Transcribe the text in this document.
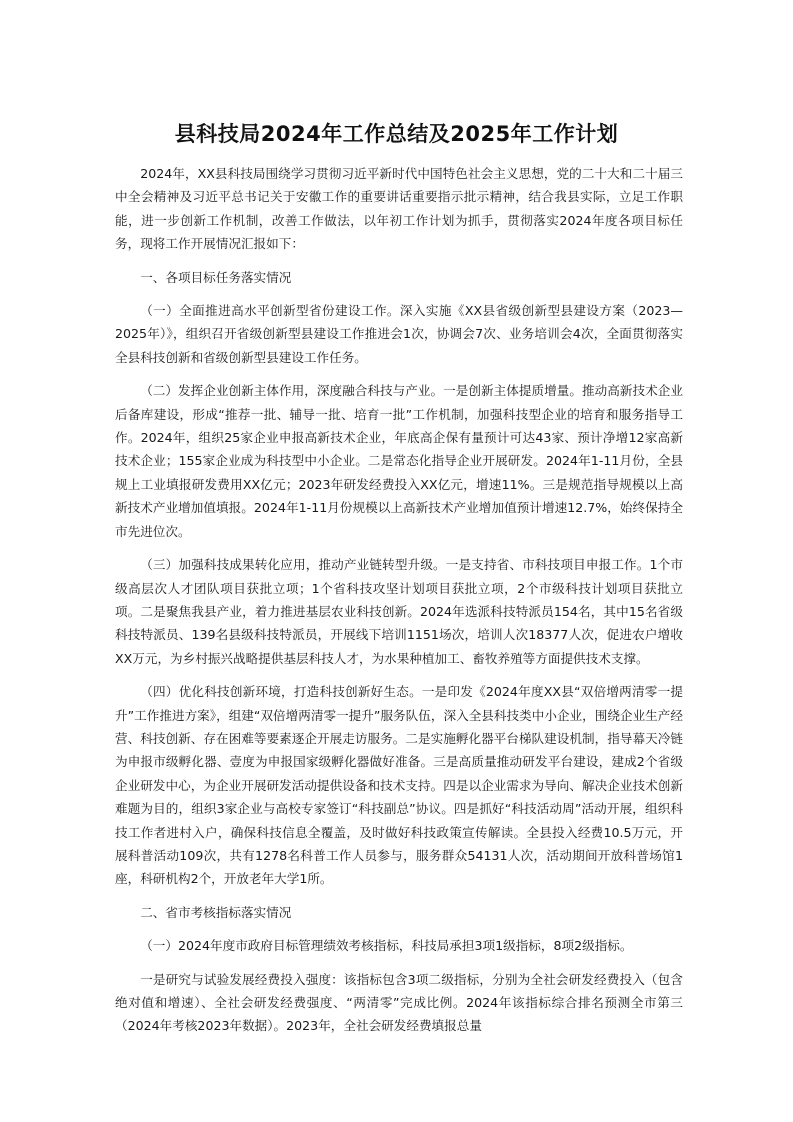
县科技局2024年工作总结及2025年工作计划

2024年，XX县科技局围绕学习贯彻习近平新时代中国特色社会主义思想，党的二十大和二十届三中全会精神及习近平总书记关于安徽工作的重要讲话重要指示批示精神，结合我县实际，立足工作职能，进一步创新工作机制，改善工作做法，以年初工作计划为抓手，贯彻落实2024年度各项目标任务，现将工作开展情况汇报如下：

一、各项目标任务落实情况

（一）全面推进高水平创新型省份建设工作。深入实施《XX县省级创新型县建设方案（2023—2025年）》，组织召开省级创新型县建设工作推进会1次，协调会7次、业务培训会4次，全面贯彻落实全县科技创新和省级创新型县建设工作任务。

（二）发挥企业创新主体作用，深度融合科技与产业。一是创新主体提质增量。推动高新技术企业后备库建设，形成“推荐一批、辅导一批、培育一批”工作机制，加强科技型企业的培育和服务指导工作。2024年，组织25家企业申报高新技术企业，年底高企保有量预计可达43家、预计净增12家高新技术企业；155家企业成为科技型中小企业。二是常态化指导企业开展研发。2024年1-11月份，全县规上工业填报研发费用XX亿元；2023年研发经费投入XX亿元，增速11%。三是规范指导规模以上高新技术产业增加值填报。2024年1-11月份规模以上高新技术产业增加值预计增速12.7%，始终保持全市先进位次。

（三）加强科技成果转化应用，推动产业链转型升级。一是支持省、市科技项目申报工作。1个市级高层次人才团队项目获批立项；1个省科技攻坚计划项目获批立项，2个市级科技计划项目获批立项。二是聚焦我县产业，着力推进基层农业科技创新。2024年选派科技特派员154名，其中15名省级科技特派员、139名县级科技特派员，开展线下培训1151场次，培训人次18377人次，促进农户增收XX万元，为乡村振兴战略提供基层科技人才，为水果种植加工、畜牧养殖等方面提供技术支撑。

（四）优化科技创新环境，打造科技创新好生态。一是印发《2024年度XX县“双倍增两清零一提升”工作推进方案》，组建“双倍增两清零一提升”服务队伍，深入全县科技类中小企业，围绕企业生产经营、科技创新、存在困难等要素逐企开展走访服务。二是实施孵化器平台梯队建设机制，指导幕天冷链为申报市级孵化器、壹度为申报国家级孵化器做好准备。三是高质量推动研发平台建设，建成2个省级企业研发中心，为企业开展研发活动提供设备和技术支持。四是以企业需求为导向、解决企业技术创新难题为目的，组织3家企业与高校专家签订“科技副总”协议。四是抓好“科技活动周”活动开展，组织科技工作者进村入户，确保科技信息全覆盖，及时做好科技政策宣传解读。全县投入经费10.5万元，开展科普活动109次，共有1278名科普工作人员参与，服务群众54131人次，活动期间开放科普场馆1座，科研机构2个，开放老年大学1所。

二、省市考核指标落实情况

（一）2024年度市政府目标管理绩效考核指标，科技局承担3项1级指标，8项2级指标。

一是研究与试验发展经费投入强度：该指标包含3项二级指标，分别为全社会研发经费投入（包含绝对值和增速）、全社会研发经费强度、“两清零”完成比例。2024年该指标综合排名预测全市第三（2024年考核2023年数据）。2023年，全社会研发经费填报总量
